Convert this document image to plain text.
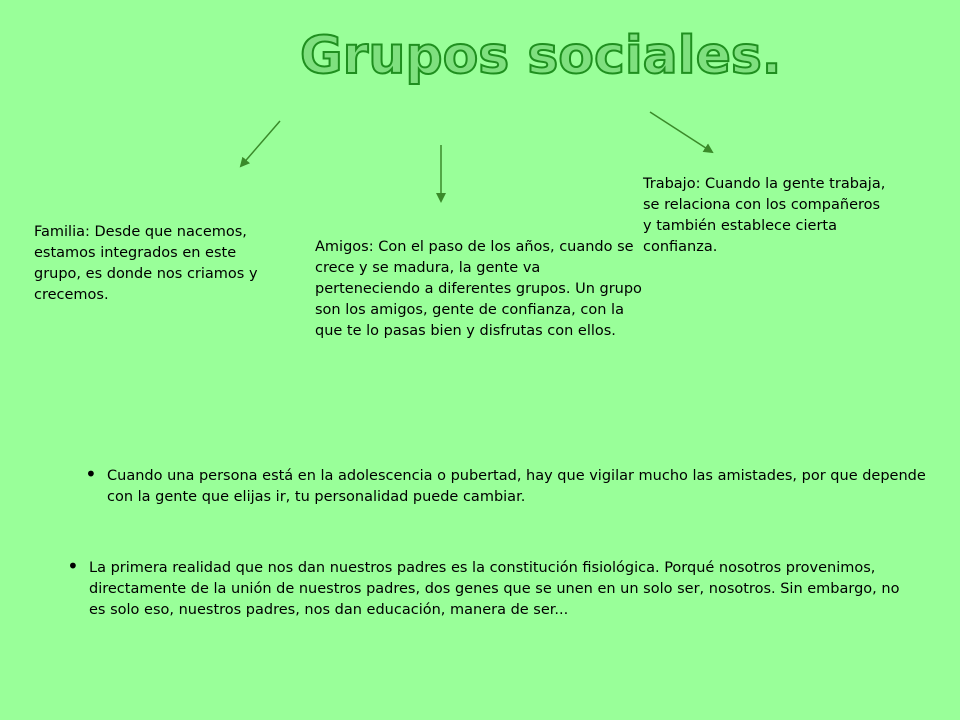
Grupos sociales.
Familia: Desde que nacemos, estamos integrados en este grupo, es donde nos criamos y crecemos.
Amigos: Con el paso de los años, cuando se crece y se madura, la gente va perteneciendo a diferentes grupos. Un grupo son los amigos, gente de confianza, con la que te lo pasas bien y disfrutas con ellos.
Trabajo: Cuando la gente trabaja, se relaciona con los compañeros y también establece cierta confianza.
• Cuando una persona está en la adolescencia o pubertad, hay que vigilar mucho las amistades, por que depende con la gente que elijas ir, tu personalidad puede cambiar.
• La primera realidad que nos dan nuestros padres es la constitución fisiológica. Porqué nosotros provenimos, directamente de la unión de nuestros padres, dos genes que se unen en un solo ser, nosotros. Sin embargo, no es solo eso, nuestros padres, nos dan educación, manera de ser...
